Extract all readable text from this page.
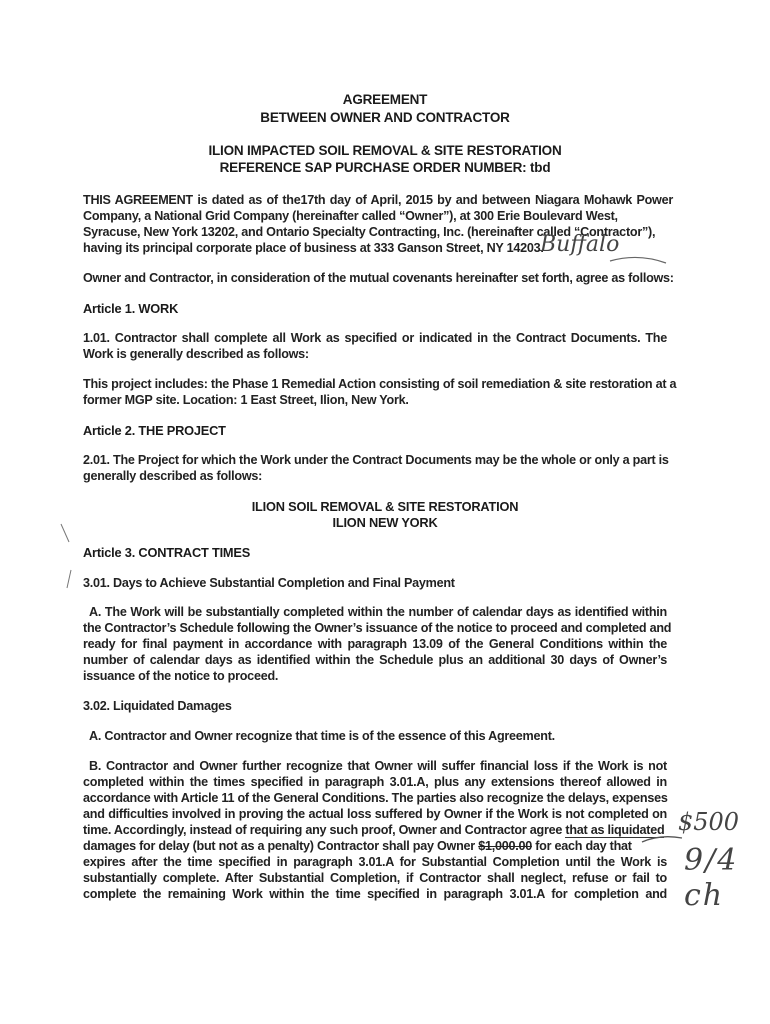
AGREEMENT
BETWEEN OWNER AND CONTRACTOR
ILION IMPACTED SOIL REMOVAL & SITE RESTORATION
REFERENCE SAP PURCHASE ORDER NUMBER: tbd
THIS AGREEMENT is dated as of the17th day of April, 2015 by and between Niagara Mohawk Power
Company, a National Grid Company (hereinafter called “Owner”), at 300 Erie Boulevard West,
Syracuse, New York 13202, and Ontario Specialty Contracting, Inc. (hereinafter called “Contractor”),
having its principal corporate place of business at 333 Ganson Street, NY 14203.
Buffalo
Owner and Contractor, in consideration of the mutual covenants hereinafter set forth, agree as follows:
Article 1. WORK
1.01. Contractor shall complete all Work as specified or indicated in the Contract Documents. The
Work is generally described as follows:
This project includes: the Phase 1 Remedial Action consisting of soil remediation & site restoration at a
former MGP site. Location: 1 East Street, Ilion, New York.
Article 2. THE PROJECT
2.01. The Project for which the Work under the Contract Documents may be the whole or only a part is
generally described as follows:
ILION SOIL REMOVAL & SITE RESTORATION
ILION NEW YORK
Article 3. CONTRACT TIMES
3.01. Days to Achieve Substantial Completion and Final Payment
A. The Work will be substantially completed within the number of calendar days as identified within
the Contractor’s Schedule following the Owner’s issuance of the notice to proceed and completed and
ready for final payment in accordance with paragraph 13.09 of the General Conditions within the
number of calendar days as identified within the Schedule plus an additional 30 days of Owner’s
issuance of the notice to proceed.
3.02. Liquidated Damages
A. Contractor and Owner recognize that time is of the essence of this Agreement.
B. Contractor and Owner further recognize that Owner will suffer financial loss if the Work is not
completed within the times specified in paragraph 3.01.A, plus any extensions thereof allowed in
accordance with Article 11 of the General Conditions. The parties also recognize the delays, expenses
and difficulties involved in proving the actual loss suffered by Owner if the Work is not completed on
time. Accordingly, instead of requiring any such proof, Owner and Contractor agree that as liquidated
damages for delay (but not as a penalty) Contractor shall pay Owner $1,000.00 for each day that
expires after the time specified in paragraph 3.01.A for Substantial Completion until the Work is
substantially complete. After Substantial Completion, if Contractor shall neglect, refuse or fail to
complete the remaining Work within the time specified in paragraph 3.01.A for completion and
$500
9/4 ch
